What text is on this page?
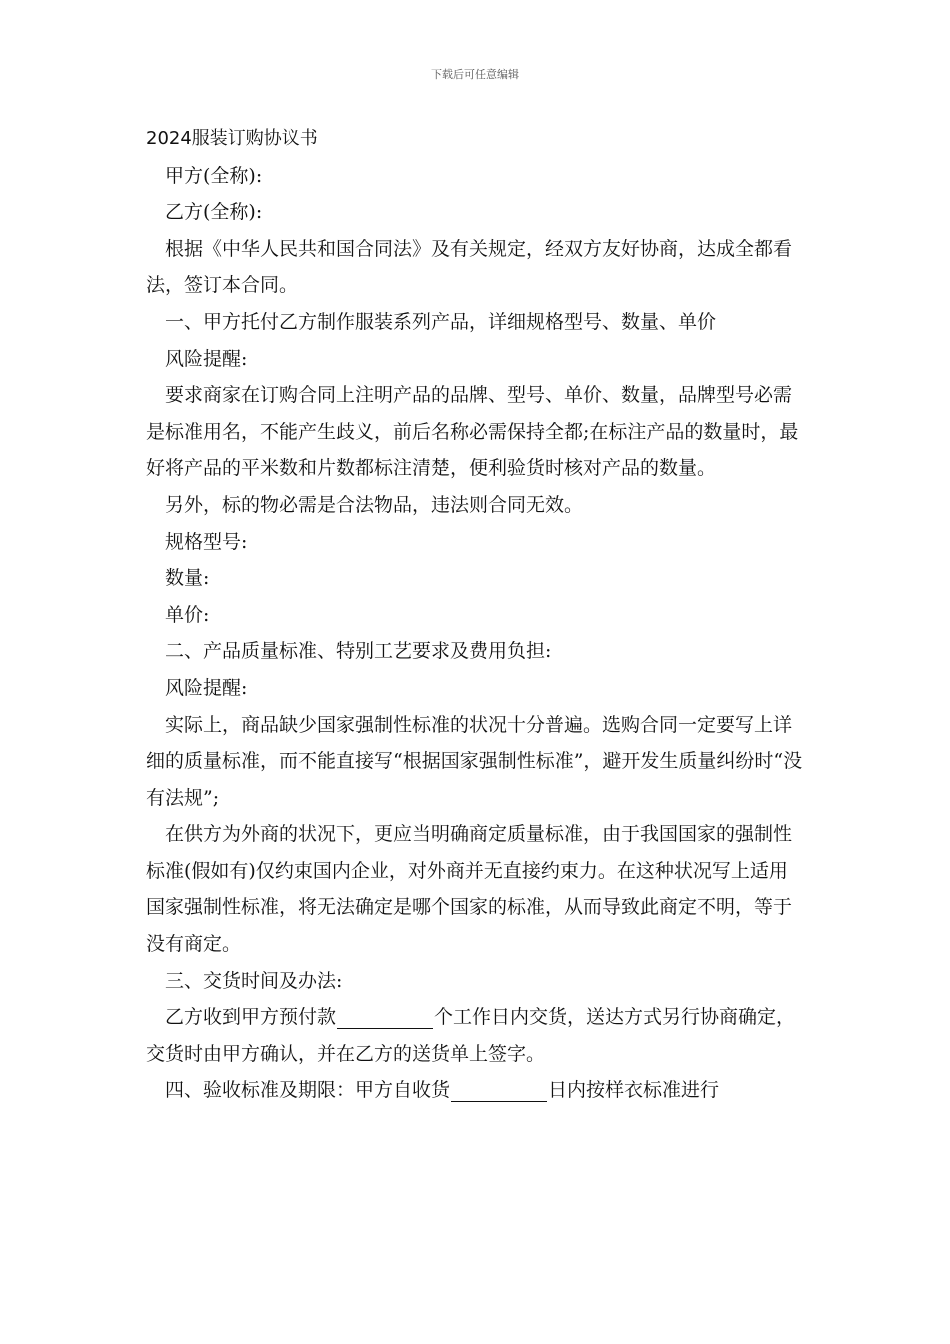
下载后可任意编辑

2024服装订购协议书

甲方(全称):

乙方(全称):

根据《中华人民共和国合同法》及有关规定，经双方友好协商，达成全都看法，签订本合同。

一、甲方托付乙方制作服装系列产品，详细规格型号、数量、单价

风险提醒:

要求商家在订购合同上注明产品的品牌、型号、单价、数量，品牌型号必需是标准用名，不能产生歧义，前后名称必需保持全都;在标注产品的数量时，最好将产品的平米数和片数都标注清楚，便利验货时核对产品的数量。

另外，标的物必需是合法物品，违法则合同无效。

规格型号:

数量:

单价:

二、产品质量标准、特别工艺要求及费用负担:

风险提醒:

实际上，商品缺少国家强制性标准的状况十分普遍。选购合同一定要写上详细的质量标准，而不能直接写“根据国家强制性标准”，避开发生质量纠纷时“没有法规”;

在供方为外商的状况下，更应当明确商定质量标准，由于我国国家的强制性标准(假如有)仅约束国内企业，对外商并无直接约束力。在这种状况写上适用国家强制性标准，将无法确定是哪个国家的标准，从而导致此商定不明，等于没有商定。

三、交货时间及办法:

乙方收到甲方预付款	个工作日内交货，送达方式另行协商确定，交货时由甲方确认，并在乙方的送货单上签字。

四、验收标准及期限：甲方自收货	日内按样衣标准进行
